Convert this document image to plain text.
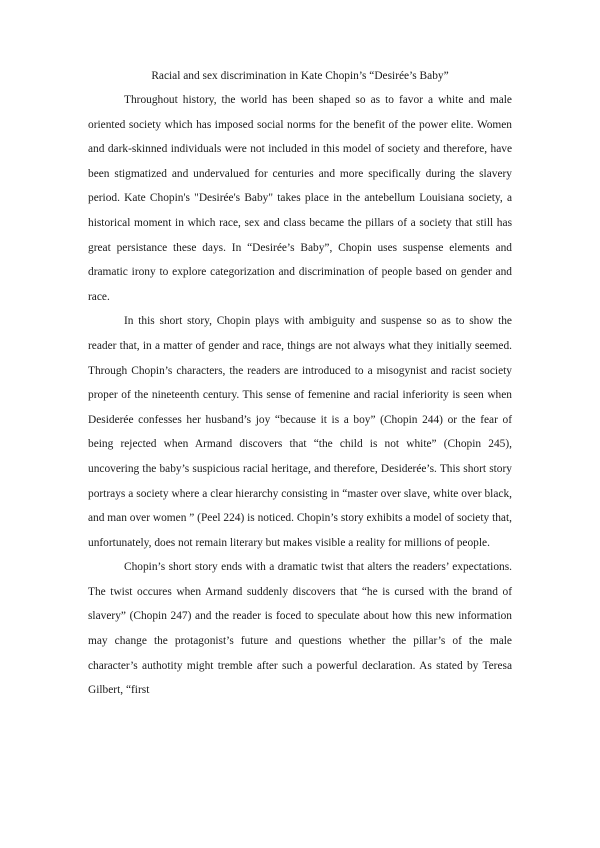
Racial and sex discrimination in Kate Chopin’s “Desirée’s Baby”

Throughout history, the world has been shaped so as to favor a white and male oriented society which has imposed social norms for the benefit of the power elite. Women and dark-skinned individuals were not included in this model of society and therefore, have been stigmatized and undervalued for centuries and more specifically during the slavery period. Kate Chopin's "Desirée's Baby" takes place in the antebellum Louisiana society, a historical moment in which race, sex and class became the pillars of a society that still has great persistance these days. In “Desirée’s Baby”, Chopin uses suspense elements and dramatic irony to explore categorization and discrimination of people based on gender and race.

In this short story, Chopin plays with ambiguity and suspense so as to show the reader that, in a matter of gender and race, things are not always what they initially seemed. Through Chopin’s characters, the readers are introduced to a misogynist and racist society proper of the nineteenth century. This sense of femenine and racial inferiority is seen when Desiderée confesses her husband’s joy “because it is a boy” (Chopin 244) or the fear of being rejected when Armand discovers that “the child is not white” (Chopin 245), uncovering the baby’s suspicious racial heritage, and therefore, Desiderée’s. This short story portrays a society where a clear hierarchy consisting in “master over slave, white over black, and man over women ” (Peel 224) is noticed. Chopin’s story exhibits a model of society that, unfortunately, does not remain literary but makes visible a reality for millions of people.

Chopin’s short story ends with a dramatic twist that alters the readers’ expectations. The twist occures when Armand suddenly discovers that “he is cursed with the brand of slavery” (Chopin 247) and the reader is foced to speculate about how this new information may change the protagonist’s future and questions whether the pillar’s of the male character’s authotity might tremble after such a powerful declaration. As stated by Teresa Gilbert, “first
